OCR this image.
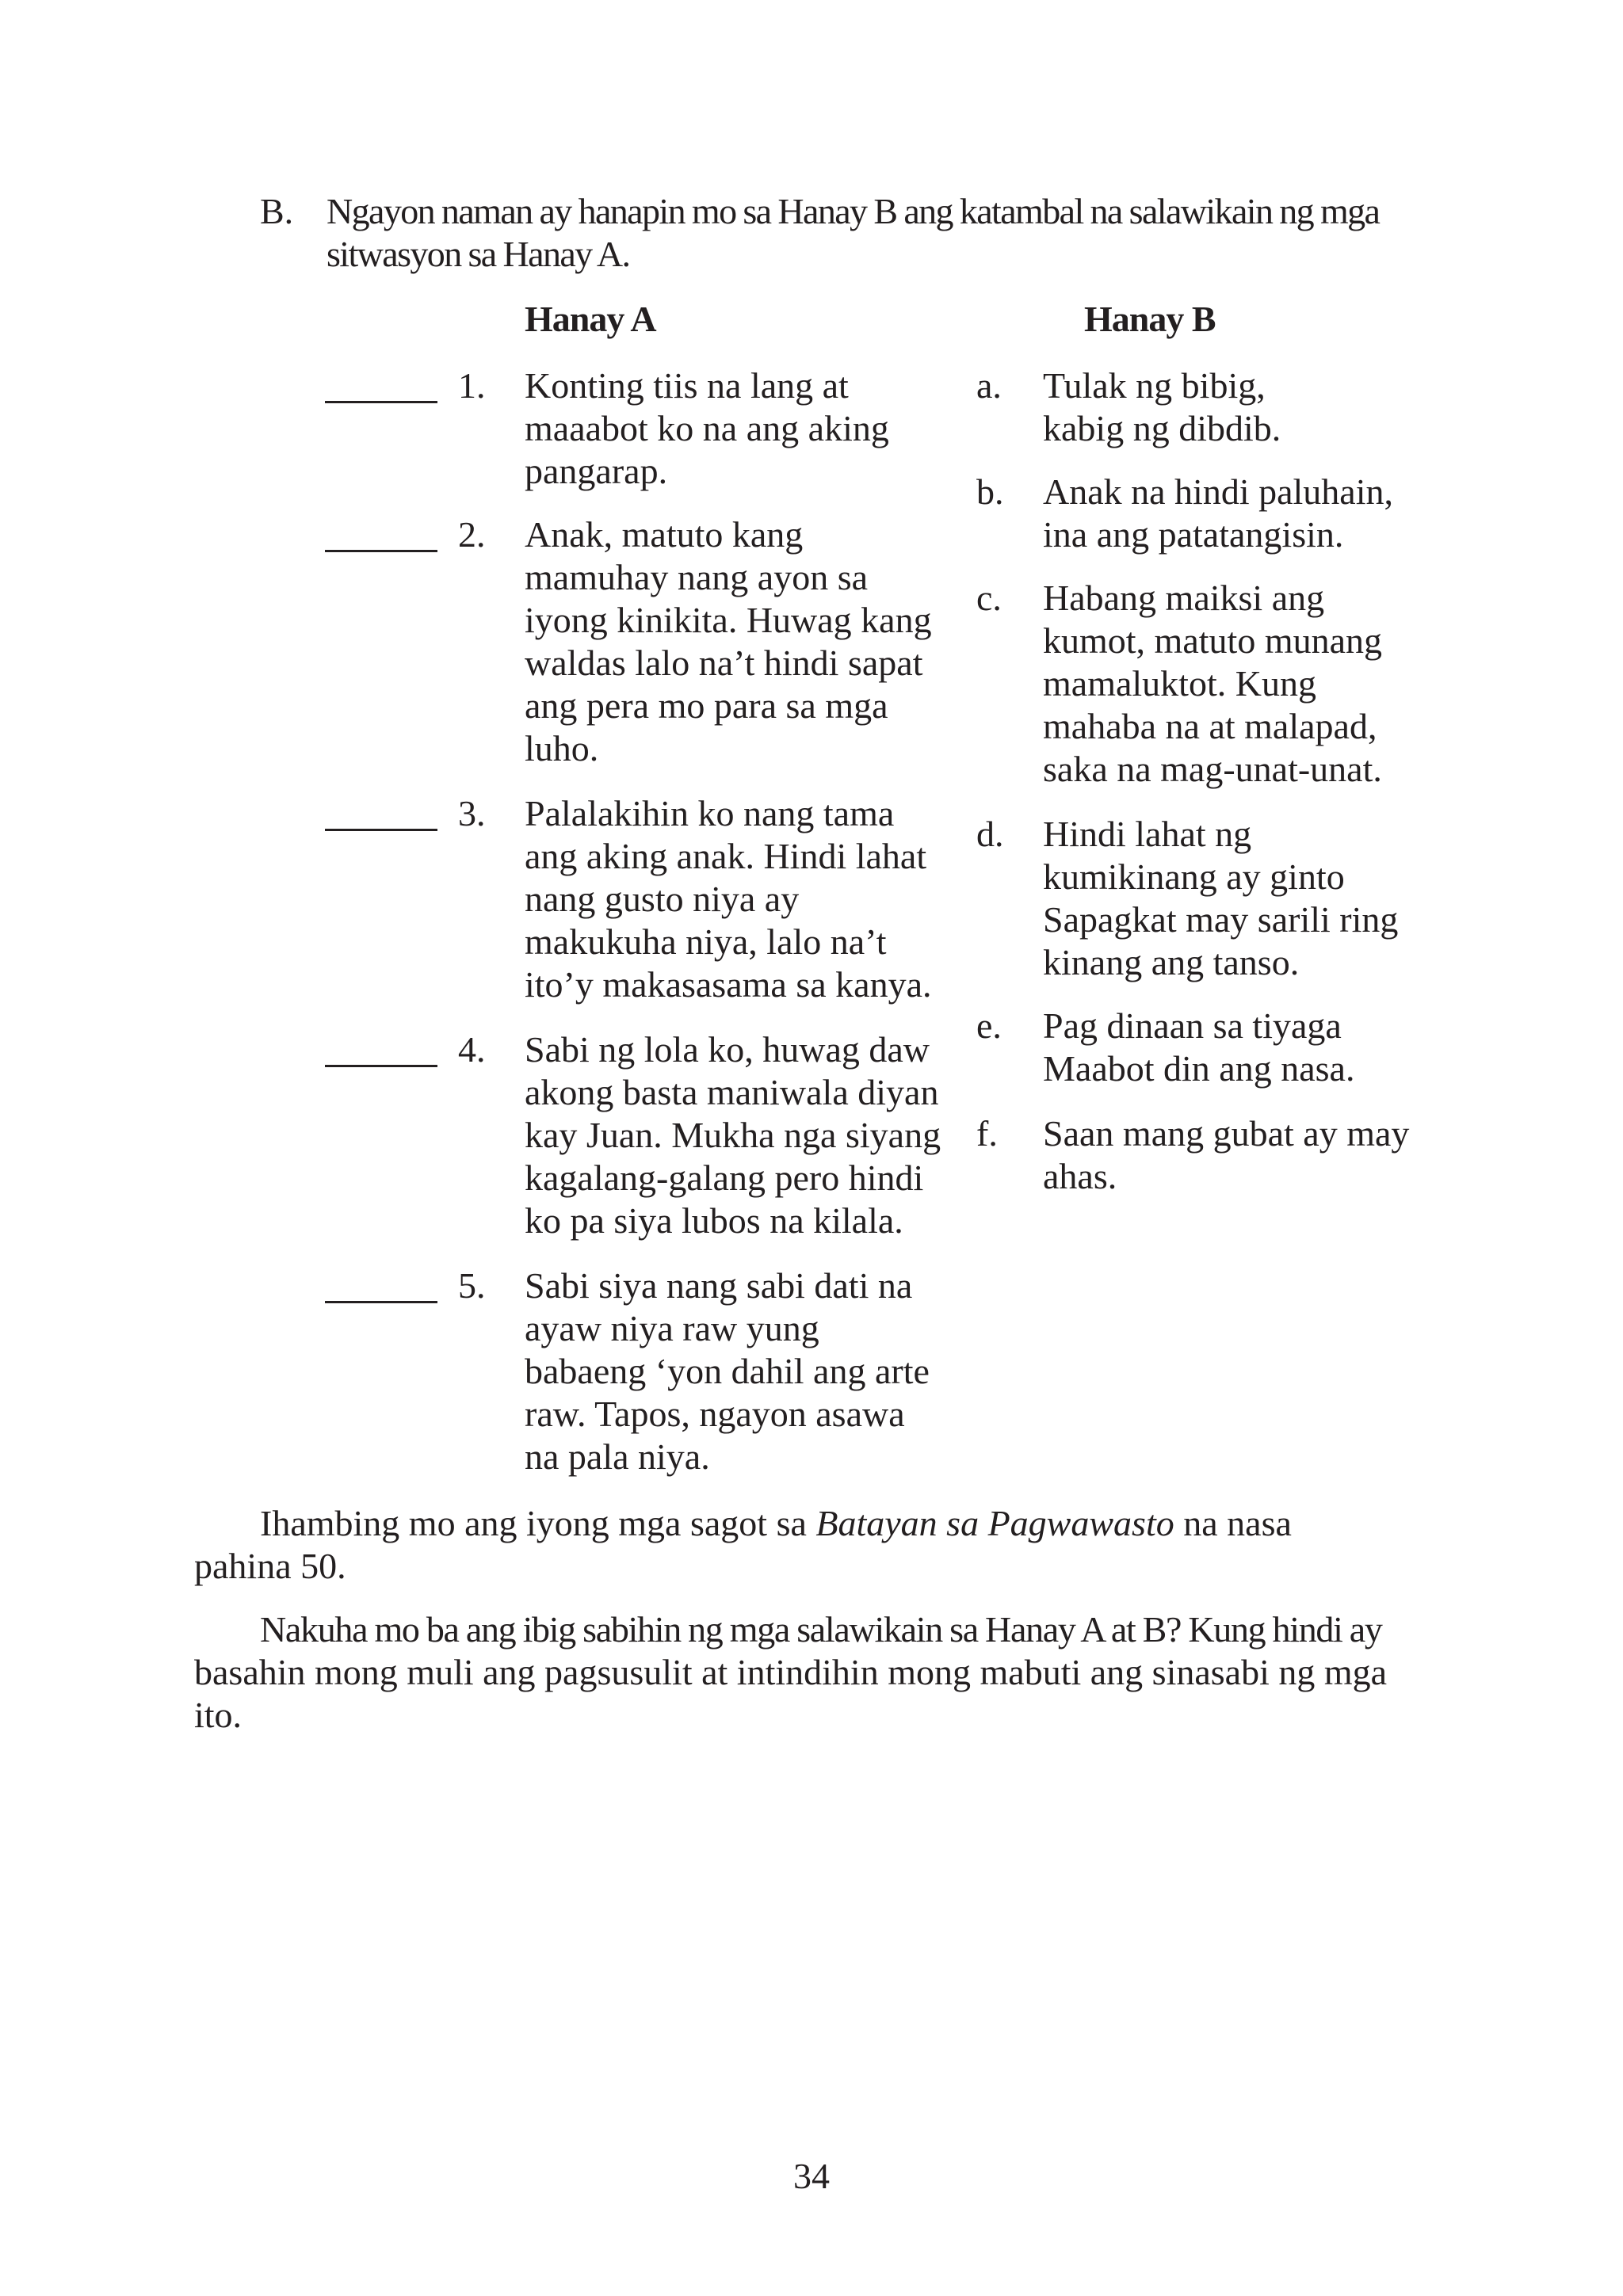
B. Ngayon naman ay hanapin mo sa Hanay B ang katambal na salawikain ng mga
sitwasyon sa Hanay A.
Hanay A	Hanay B
1. Konting tiis na lang at
maaabot ko na ang aking
pangarap.
2. Anak, matuto kang
mamuhay nang ayon sa
iyong kinikita. Huwag kang
waldas lalo na’t hindi sapat
ang pera mo para sa mga
luho.
3. Palalakihin ko nang tama
ang aking anak. Hindi lahat
nang gusto niya ay
makukuha niya, lalo na’t
ito’y makasasama sa kanya.
4. Sabi ng lola ko, huwag daw
akong basta maniwala diyan
kay Juan. Mukha nga siyang
kagalang-galang pero hindi
ko pa siya lubos na kilala.
5. Sabi siya nang sabi dati na
ayaw niya raw yung
babaeng ‘yon dahil ang arte
raw. Tapos, ngayon asawa
na pala niya.
a. Tulak ng bibig,
kabig ng dibdib.
b. Anak na hindi paluhain,
ina ang patatangisin.
c. Habang maiksi ang
kumot, matuto munang
mamaluktot. Kung
mahaba na at malapad,
saka na mag-unat-unat.
d. Hindi lahat ng
kumikinang ay ginto
Sapagkat may sarili ring
kinang ang tanso.
e. Pag dinaan sa tiyaga
Maabot din ang nasa.
f. Saan mang gubat ay may
ahas.
Ihambing mo ang iyong mga sagot sa Batayan sa Pagwawasto na nasa
pahina 50.
Nakuha mo ba ang ibig sabihin ng mga salawikain sa Hanay A at B? Kung hindi ay
basahin mong muli ang pagsusulit at intindihin mong mabuti ang sinasabi ng mga
ito.
34
